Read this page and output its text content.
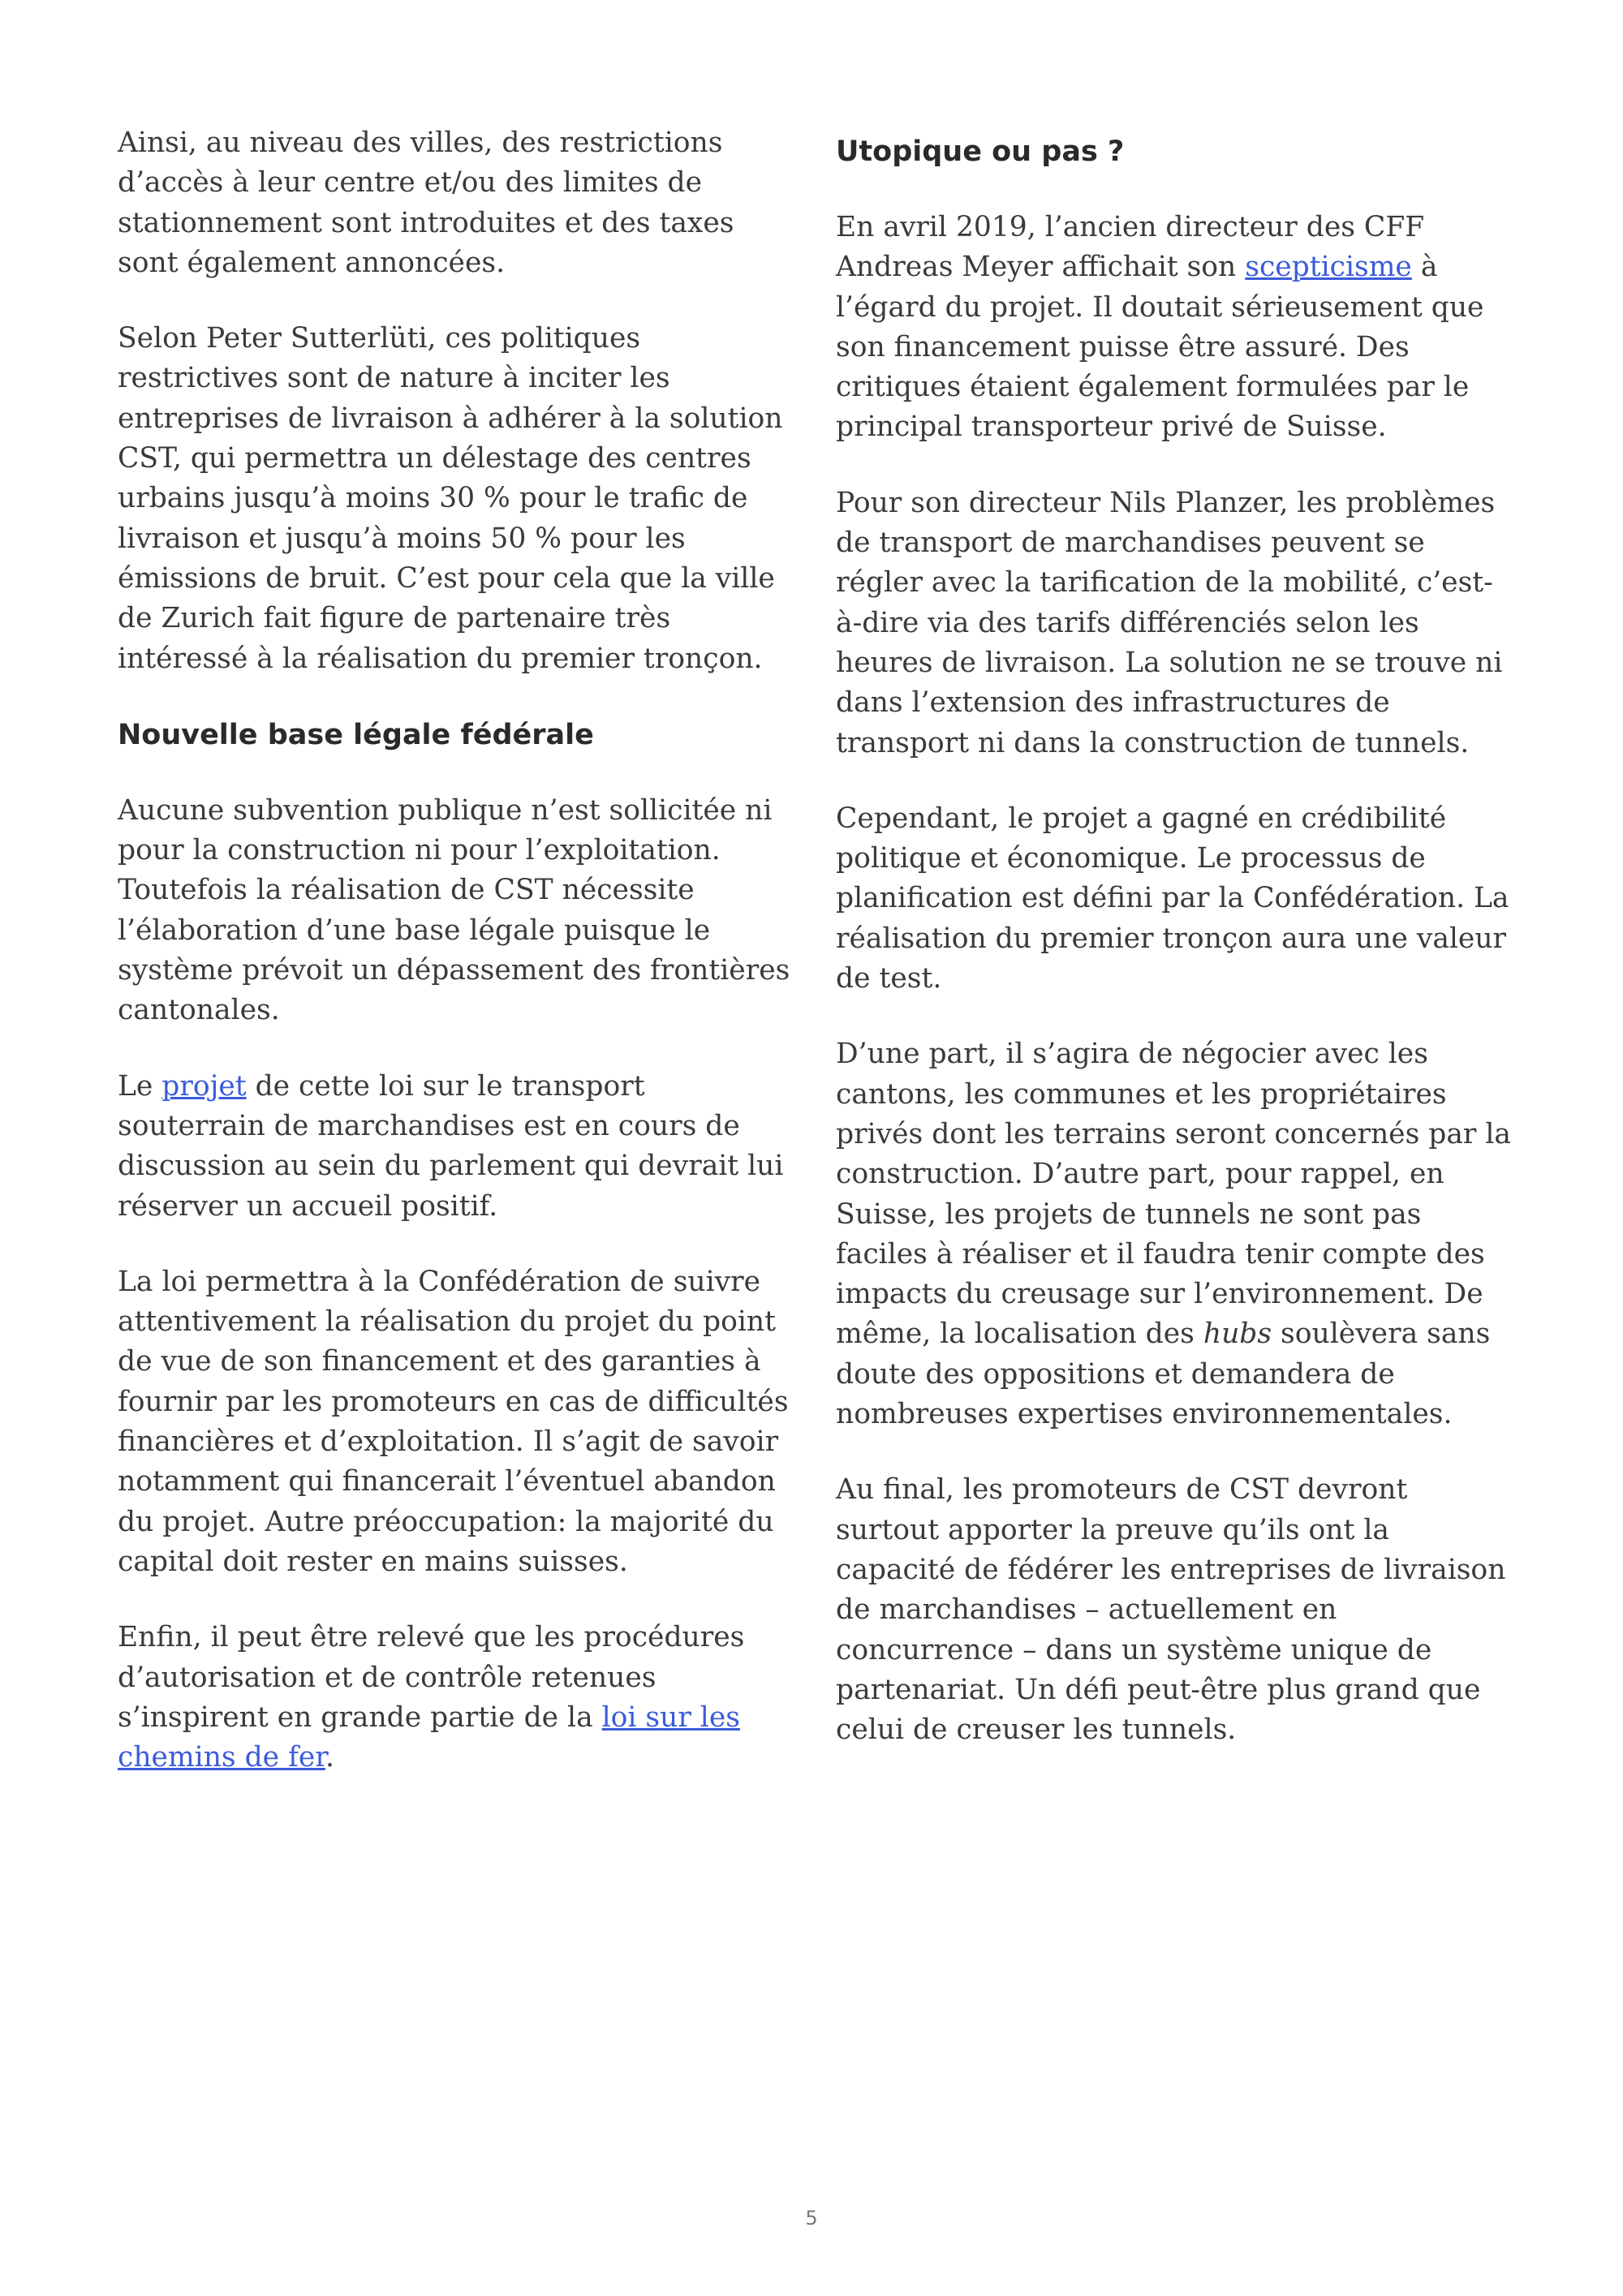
Ainsi, au niveau des villes, des restrictions d’accès à leur centre et/ou des limites de stationnement sont introduites et des taxes sont également annoncées.

Selon Peter Sutterlüti, ces politiques restrictives sont de nature à inciter les entreprises de livraison à adhérer à la solution CST, qui permettra un délestage des centres urbains jusqu’à moins 30 % pour le trafic de livraison et jusqu’à moins 50 % pour les émissions de bruit. C’est pour cela que la ville de Zurich fait figure de partenaire très intéressé à la réalisation du premier tronçon.

Nouvelle base légale fédérale

Aucune subvention publique n’est sollicitée ni pour la construction ni pour l’exploitation. Toutefois la réalisation de CST nécessite l’élaboration d’une base légale puisque le système prévoit un dépassement des frontières cantonales.

Le projet de cette loi sur le transport souterrain de marchandises est en cours de discussion au sein du parlement qui devrait lui réserver un accueil positif.

La loi permettra à la Confédération de suivre attentivement la réalisation du projet du point de vue de son financement et des garanties à fournir par les promoteurs en cas de difficultés financières et d’exploitation. Il s’agit de savoir notamment qui financerait l’éventuel abandon du projet. Autre préoccupation: la majorité du capital doit rester en mains suisses.

Enfin, il peut être relevé que les procédures d’autorisation et de contrôle retenues s’inspirent en grande partie de la loi sur les chemins de fer.

Utopique ou pas ?

En avril 2019, l’ancien directeur des CFF Andreas Meyer affichait son scepticisme à l’égard du projet. Il doutait sérieusement que son financement puisse être assuré. Des critiques étaient également formulées par le principal transporteur privé de Suisse.

Pour son directeur Nils Planzer, les problèmes de transport de marchandises peuvent se régler avec la tarification de la mobilité, c’est-à-dire via des tarifs différenciés selon les heures de livraison. La solution ne se trouve ni dans l’extension des infrastructures de transport ni dans la construction de tunnels.

Cependant, le projet a gagné en crédibilité politique et économique. Le processus de planification est défini par la Confédération. La réalisation du premier tronçon aura une valeur de test.

D’une part, il s’agira de négocier avec les cantons, les communes et les propriétaires privés dont les terrains seront concernés par la construction. D’autre part, pour rappel, en Suisse, les projets de tunnels ne sont pas faciles à réaliser et il faudra tenir compte des impacts du creusage sur l’environnement. De même, la localisation des hubs soulèvera sans doute des oppositions et demandera de nombreuses expertises environnementales.

Au final, les promoteurs de CST devront surtout apporter la preuve qu’ils ont la capacité de fédérer les entreprises de livraison de marchandises – actuellement en concurrence – dans un système unique de partenariat. Un défi peut-être plus grand que celui de creuser les tunnels.

5
